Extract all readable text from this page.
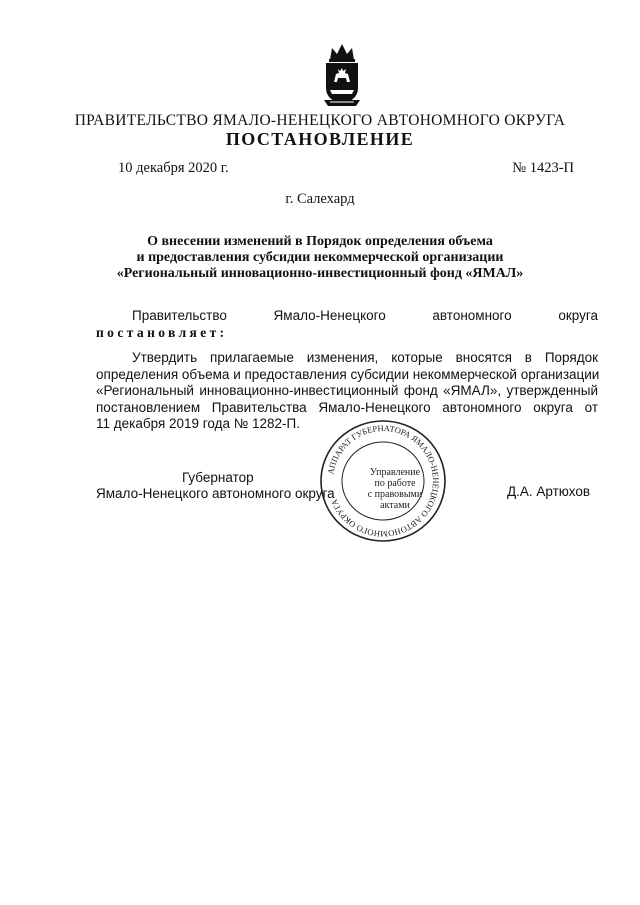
ПРАВИТЕЛЬСТВО ЯМАЛО-НЕНЕЦКОГО АВТОНОМНОГО ОКРУГА
ПОСТАНОВЛЕНИЕ
10 декабря 2020 г.	№ 1423-П
г. Салехард
О внесении изменений в Порядок определения объема
и предоставления субсидии некоммерческой организации
«Региональный инновационно-инвестиционный фонд «ЯМАЛ»
Правительство	Ямало-Ненецкого	автономного	округа
постановляет:
Утвердить прилагаемые изменения, которые вносятся в Порядок
определения объема и предоставления субсидии некоммерческой организации
«Региональный инновационно-инвестиционный фонд «ЯМАЛ», утвержденный
постановлением Правительства Ямало-Ненецкого автономного округа от
11 декабря 2019 года № 1282-П.
Губернатор
Ямало-Ненецкого автономного округа	Д.А. Артюхов
АППАРАТ ГУБЕРНАТОРА ЯМАЛО-НЕНЕЦКОГО АВТОНОМНОГО ОКРУГА
Управление
по работе
с правовыми
актами
